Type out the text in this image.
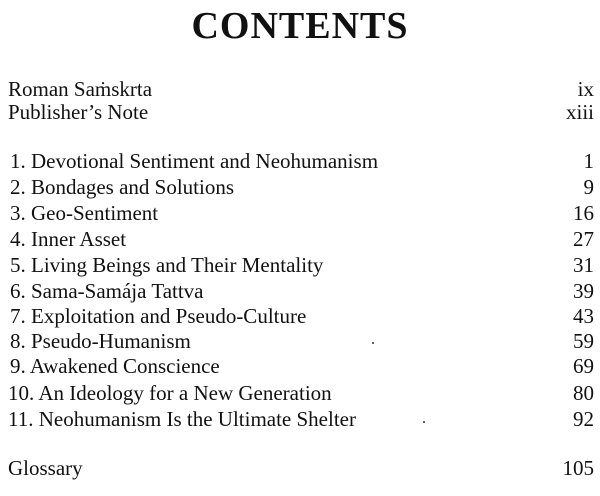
CONTENTS
Roman Saṁskrta	ix
Publisher’s Note	xiii
1. Devotional Sentiment and Neohumanism	1
2. Bondages and Solutions	9
3. Geo-Sentiment	16
4. Inner Asset	27
5. Living Beings and Their Mentality	31
6. Sama-Samája Tattva	39
7. Exploitation and Pseudo-Culture	43
8. Pseudo-Humanism	59
9. Awakened Conscience	69
10. An Ideology for a New Generation	80
11. Neohumanism Is the Ultimate Shelter	92
Glossary	105
